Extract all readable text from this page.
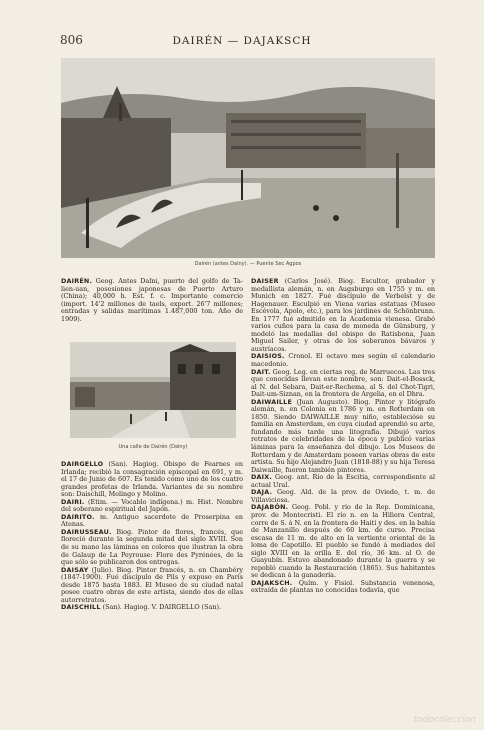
806	DAIRÉN — DAJAKSCH
Dairén (antes Dalny). — Puente Sec Agpos
Una calle de Dairén (Dalny)

DAIRÉN. Geog. Antes Dalni, puerto del golfo de Ta-lien-uan, posesiones japonesas de Puerto Arturo (China); 40,000 h. Est. f. c. Importante comercio (import. 14'2 millones de taels, export. 26'7 millones; entradas y salidas marítimas 1.487,000 ton. Año de 1909).

DAIRGELLO (San). Hagiog. Obispo de Fearnes en Irlanda; recibió la consagración episcopal en 691, y m. el 17 de Junio de 607. Es tenido como uno de los cuatro grandes profetas de Irlanda. Variantes de su nombre son: Daischill, Molingo y Molino.

DAIRI. (Etim. — Vocablo indígena.) m. Hist. Nombre del soberano espiritual del Japón.

DAIRITO. m. Antiguo sacerdote de Proserpina en Atenas.

DAIRUSSEAU. Biog. Pintor de flores, francés, que floreció durante la segunda mitad del siglo XVIII. Son de su mano las láminas en colores que ilustran la obra de Galaup de La Peyrouse: Flore des Pyrénées, de la que sólo se publicaron dos entregas.

DAISAY (Julio). Biog. Pintor francés, n. en Chambéry (1847-1900). Fué discípulo de Pils y expuso en París desde 1875 hasta 1883. El Museo de su ciudad natal posee cuatro obras de este artista, siendo dos de ellas autorretratos.

DAISCHILL (San). Hagiog. V. DAIRGELLO (San).

DAISER (Carlos José). Biog. Escultor, grabador y medallista alemán, n. en Augsburgo en 1755 y m. en Munich en 1827. Fué discípulo de Verbelst y de Hagenauer. Esculpió en Viena varias estatuas (Museo Escévola, Apolo, etc.), para los jardines de Schönbrunn. En 1777 fué admitido en la Academia vienesa. Grabó varios cuños para la casa de moneda de Günsburg, y modeló las medallas del obispo de Ratisbona, Juan Miguel Sailer, y otras de los soberanos bávaros y austríacos.

DAISIOS. Cronol. El octavo mes según el calendario macedonio.

DAIT. Geog. Leg. en ciertas reg. de Marruecos. Las tres que conocidas llevan este nombre, son: Dait-el-Bossck, al N. del Sebara, Dait-er-Rechema, al S. del Chot-Tigri, Dait-um-Siznan, en la frontera de Argelia, en el Dhra.

DAIWAILLE (Juan Augusto). Biog. Pintor y litógrafo alemán, n. en Colonia en 1786 y m. en Rotterdam en 1850. Siendo DAIWAILLE muy niño, establecióse su familia en Amsterdam, en cuya ciudad aprendió su arte, fundando más tarde una litografía. Dibujó varios retratos de celebridades de la época y publicó varias láminas para la enseñanza del dibujo. Los Museos de Rotterdam y de Amsterdam poseen varias obras de este artista. Su hijo Alejandro Juan (1818-88) y su hija Teresa Daiwaille, fueron también pintores.

DAIX. Geog. ant. Río de la Escitia, correspondiente al actual Ural.

DAJA. Geog. Ald. de la prov. de Oviedo, t. m. de Villaviciosa.

DAJABÓN. Geog. Pobl. y río de la Rep. Dominicana, prov. de Montecristi. El río n. en la Hiliera Central, corre de S. á N. en la frontera de Haití y des. en la bahía de Manzanillo después de 60 km. de curso. Precisa escasa de 11 m. de alto en la vertiente oriental de la loma de Capotillo. El pueblo se fundó á mediados del siglo XVIII en la orilla E. del río, 36 km. al O. de Guayubín. Estuvo abandonado durante la guerra y se repobló cuando la Restauración (1865). Sus habitantes se dedican á la ganadería.

DAJAKSCH. Quím. y Fisiol. Substancia venenosa, extraída de plantas no conocidas todavía, que

todocoleccion
